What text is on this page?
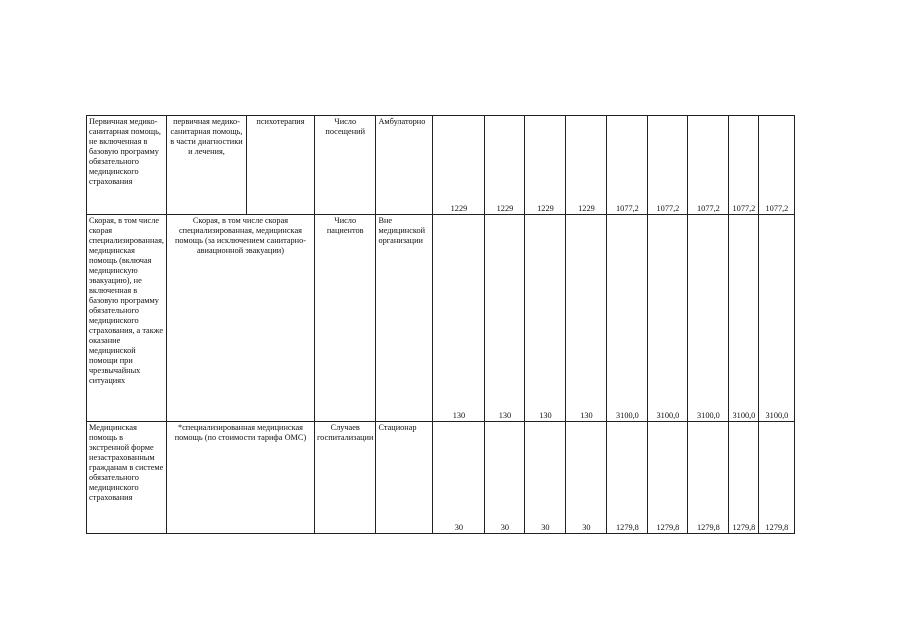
Первичная медико-санитарная помощь, не включенная в базовую программу обязательного медицинского страхования	первичная медико-санитарная помощь, в части диагностики и лечения,	психотерапия	Число посещений	Амбулаторно	1229	1229	1229	1229	1077,2	1077,2	1077,2	1077,2	1077,2
Скорая, в том числе скорая специализированная, медицинская помощь (включая медицинскую эвакуацию), не включенная в базовую программу обязательного медицинского страхования, а также оказание медицинской помощи при чрезвычайных ситуациях	Скорая, в том числе скорая специализированная, медицинская помощь (за исключением санитарно-авиационной эвакуации)		Число пациентов	Вне медицинской организации	130	130	130	130	3100,0	3100,0	3100,0	3100,0	3100,0
Медицинская помощь в экстренной форме незастрахованным гражданам в системе обязательного медицинского страхования	*специализированная медицинская помощь (по стоимости тарифа ОМС)		Случаев госпитализации	Стационар	30	30	30	30	1279,8	1279,8	1279,8	1279,8	1279,8
